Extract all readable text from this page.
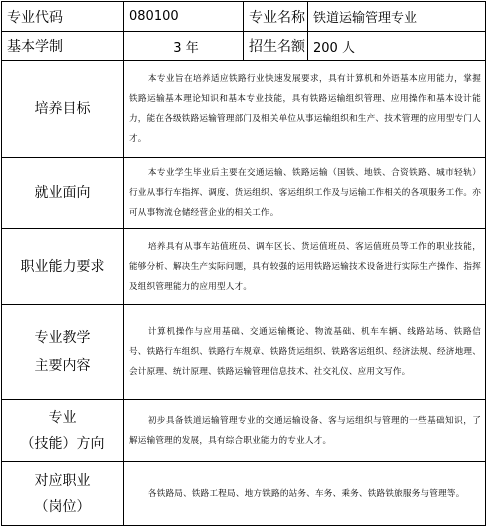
专业代码	080100	专业名称	铁道运输管理专业
基本学制	3 年	招生名额	200 人
培养目标	本专业旨在培养适应铁路行业快速发展要求，具有计算机和外语基本应用能力，掌握铁路运输基本理论知识和基本专业技能，具有铁路运输组织管理、应用操作和基本设计能力，能在各级铁路运输管理部门及相关单位从事运输组织和生产、技术管理的应用型专门人才。		

就业面向	本专业学生毕业后主要在交通运输、铁路运输（国铁、地铁、合资铁路、城市轻轨）行业从事行车指挥、调度、货运组织、客运组织工作及与运输工作相关的各项服务工作。亦可从事物流仓储经营企业的相关工作。		

职业能力要求	培养具有从事车站值班员、调车区长、货运值班员、客运值班员等工作的职业技能，能够分析、解决生产实际问题，具有较强的运用铁路运输技术设备进行实际生产操作、指挥及组织管理能力的应用型人才。		

专业教学
主要内容	计算机操作与应用基础、交通运输概论、物流基础、机车车辆、线路站场、铁路信号、铁路行车组织、铁路行车规章、铁路货运组织、铁路客运组织、经济法规、经济地理、会计原理、统计原理、铁路运输管理信息技术、社交礼仪、应用文写作。		

专业
（技能）方向	初步具备铁道运输管理专业的交通运输设备、客与运组织与管理的一些基础知识，了解运输管理的发展，具有综合职业能力的专业人才。		

对应职业
（岗位）	各铁路局、铁路工程局、地方铁路的站务、车务、乘务、铁路铁旅服务与管理等。		
